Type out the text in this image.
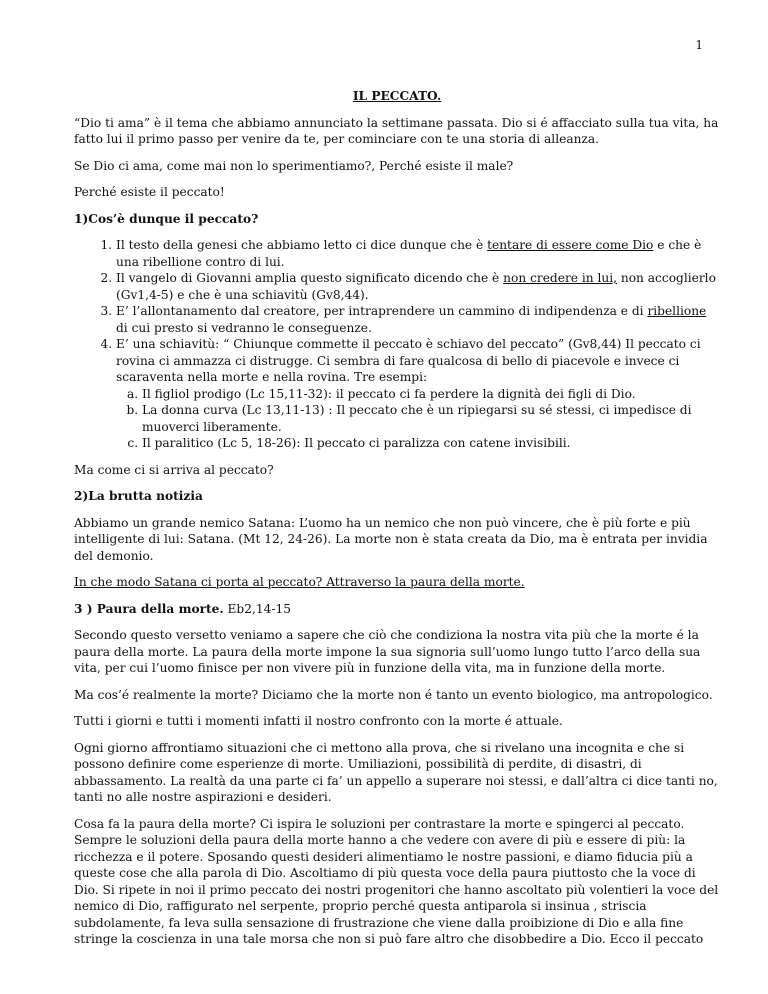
1
IL PECCATO.

“Dio ti ama” è il tema che abbiamo annunciato la settimane passata. Dio si é affacciato sulla tua vita, ha fatto lui il primo passo per venire da te, per cominciare con te una storia di alleanza.

Se Dio ci ama, come mai non lo sperimentiamo?, Perché esiste il male?

Perché esiste il peccato!

1)Cos’è dunque il peccato?
1. Il testo della genesi che abbiamo letto ci dice dunque che è tentare di essere come Dio e che è una ribellione contro di lui.
2. Il vangelo di Giovanni amplia questo significato dicendo che è non credere in lui, non accoglierlo (Gv1,4-5) e che è una schiavitù (Gv8,44).
3. E’ l’allontanamento dal creatore, per intraprendere un cammino di indipendenza e di ribellione di cui presto si vedranno le conseguenze.
4. E’ una schiavitù: “ Chiunque commette il peccato è schiavo del peccato” (Gv8,44) Il peccato ci rovina ci ammazza ci distrugge. Ci sembra di fare qualcosa di bello di piacevole e invece ci scaraventa nella morte e nella rovina. Tre esempi:
a. Il figliol prodigo (Lc 15,11-32): il peccato ci fa perdere la dignità dei figli di Dio.
b. La donna curva (Lc 13,11-13) : Il peccato che è un ripiegarsi su sé stessi, ci impedisce di muoverci liberamente.
c. Il paralitico (Lc 5, 18-26): Il peccato ci paralizza con catene invisibili.

Ma come ci si arriva al peccato?

2)La brutta notizia

Abbiamo un grande nemico Satana: L’uomo ha un nemico che non può vincere, che è più forte e più intelligente di lui: Satana. (Mt 12, 24-26). La morte non è stata creata da Dio, ma è entrata per invidia del demonio.

In che modo Satana ci porta al peccato? Attraverso la paura della morte.

3 ) Paura della morte. Eb2,14-15

Secondo questo versetto veniamo a sapere che ciò che condiziona la nostra vita più che la morte é la paura della morte. La paura della morte impone la sua signoria sull’uomo lungo tutto l’arco della sua vita, per cui l’uomo finisce per non vivere più in funzione della vita, ma in funzione della morte.

Ma cos’é realmente la morte? Diciamo che la morte non é tanto un evento biologico, ma antropologico.

Tutti i giorni e tutti i momenti infatti il nostro confronto con la morte é attuale.

Ogni giorno affrontiamo situazioni che ci mettono alla prova, che si rivelano una incognita e che si possono definire come esperienze di morte. Umiliazioni, possibilità di perdite, di disastri, di abbassamento. La realtà da una parte ci fa’ un appello a superare noi stessi, e dall’altra ci dice tanti no, tanti no alle nostre aspirazioni e desideri.

Cosa fa la paura della morte? Ci ispira le soluzioni per contrastare la morte e spingerci al peccato. Sempre le soluzioni della paura della morte hanno a che vedere con avere di più e essere di più: la ricchezza e il potere. Sposando questi desideri alimentiamo le nostre passioni, e diamo fiducia più a queste cose che alla parola di Dio. Ascoltiamo di più questa voce della paura piuttosto che la voce di Dio. Si ripete in noi il primo peccato dei nostri progenitori che hanno ascoltato più volentieri la voce del nemico di Dio, raffigurato nel serpente, proprio perché questa antiparola si insinua , striscia subdolamente, fa leva sulla sensazione di frustrazione che viene dalla proibizione di Dio e alla fine stringe la coscienza in una tale morsa che non si può fare altro che disobbedire a Dio. Ecco il peccato
